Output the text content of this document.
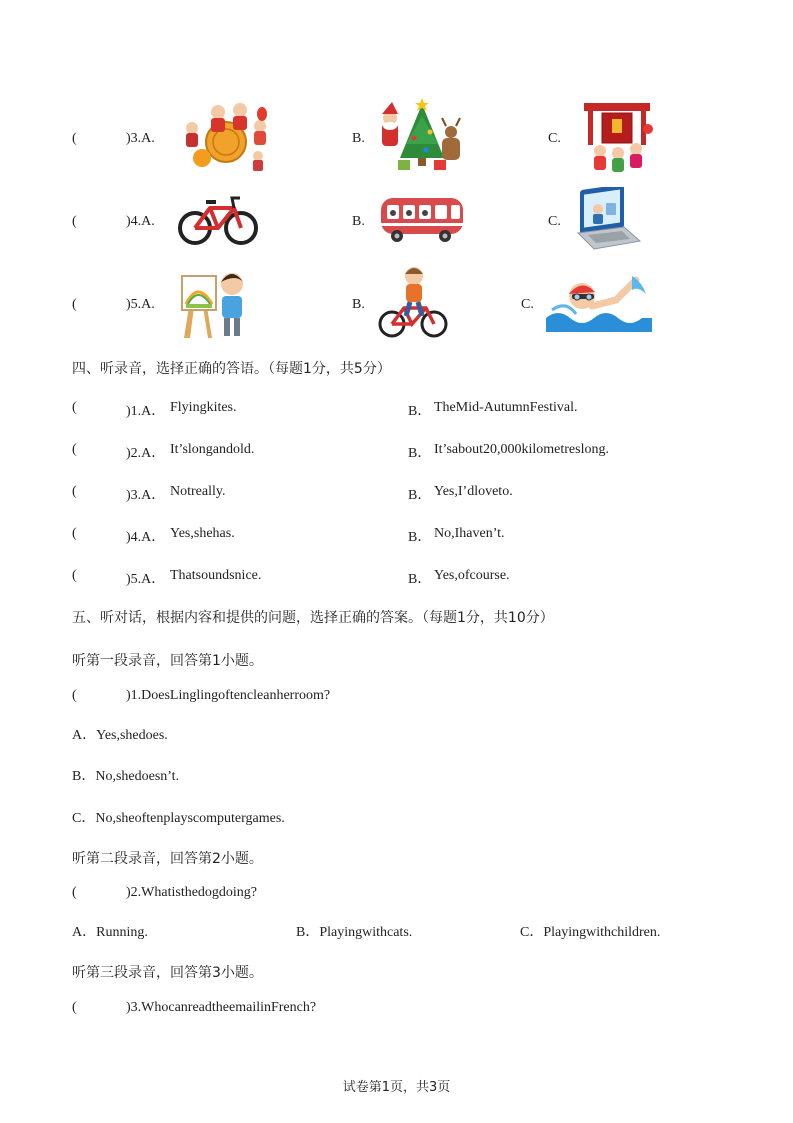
(	)3.A.	B.	C.
(	)4.A.	B.	C.
(	)5.A.	B.	C.
四、听录音，选择正确的答语。（每题1分，共5分）
(	)1.A． Flyingkites.	B． TheMid-AutumnFestival.
(	)2.A． It’slongandold.	B． It’sabout20,000kilometreslong.
(	)3.A． Notreally.	B． Yes,I’dloveto.
(	)4.A． Yes,shehas.	B． No,Ihaven’t.
(	)5.A． Thatsoundsnice.	B． Yes,ofcourse.
五、听对话，根据内容和提供的问题，选择正确的答案。（每题1分，共10分）
听第一段录音，回答第1小题。
(	)1.DoesLinglingoftencleanherroom?
A．Yes,shedoes.
B．No,shedoesn’t.
C．No,sheoftenplayscomputergames.
听第二段录音，回答第2小题。
(	)2.Whatisthedogdoing?
A．Running.	B．Playingwithcats.	C．Playingwithchildren.
听第三段录音，回答第3小题。
(	)3.WhocanreadtheemailinFrench?
试卷第1页，共3页
